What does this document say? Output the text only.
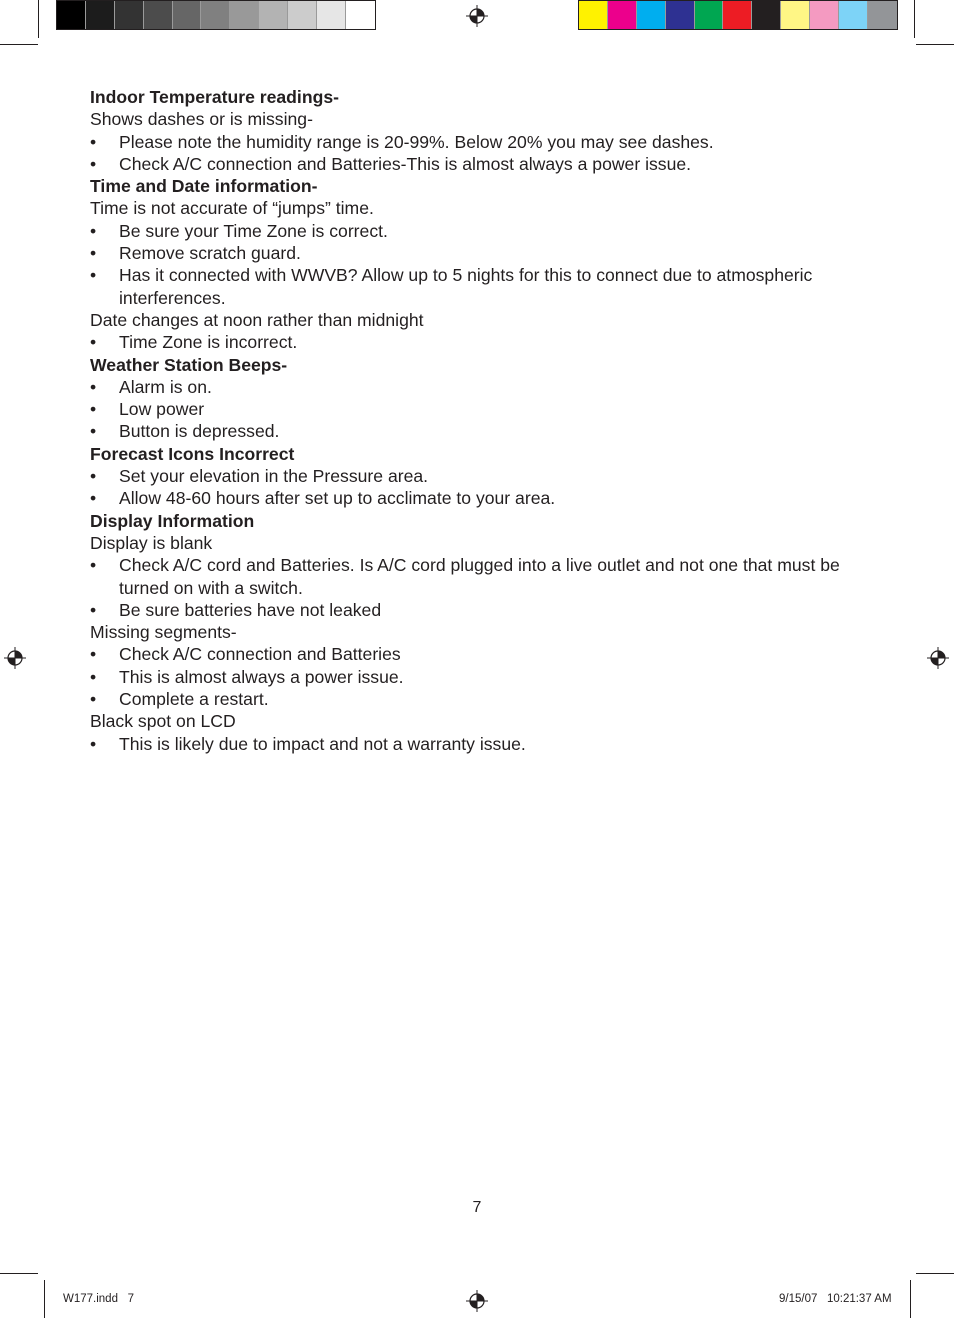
Indoor Temperature readings-
Shows dashes or is missing-
• Please note the humidity range is 20-99%. Below 20% you may see dashes.
• Check A/C connection and Batteries-This is almost always a power issue.
Time and Date information-
Time is not accurate of “jumps” time.
• Be sure your Time Zone is correct.
• Remove scratch guard.
• Has it connected with WWVB? Allow up to 5 nights for this to connect due to atmospheric interferences.
Date changes at noon rather than midnight
• Time Zone is incorrect.
Weather Station Beeps-
• Alarm is on.
• Low power
• Button is depressed.
Forecast Icons Incorrect
• Set your elevation in the Pressure area.
• Allow 48-60 hours after set up to acclimate to your area.
Display Information
Display is blank
• Check A/C cord and Batteries. Is A/C cord plugged into a live outlet and not one that must be turned on with a switch.
• Be sure batteries have not leaked
Missing segments-
• Check A/C connection and Batteries
• This is almost always a power issue.
• Complete a restart.
Black spot on LCD
• This is likely due to impact and not a warranty issue.
7
W177.indd   7	9/15/07   10:21:37 AM
